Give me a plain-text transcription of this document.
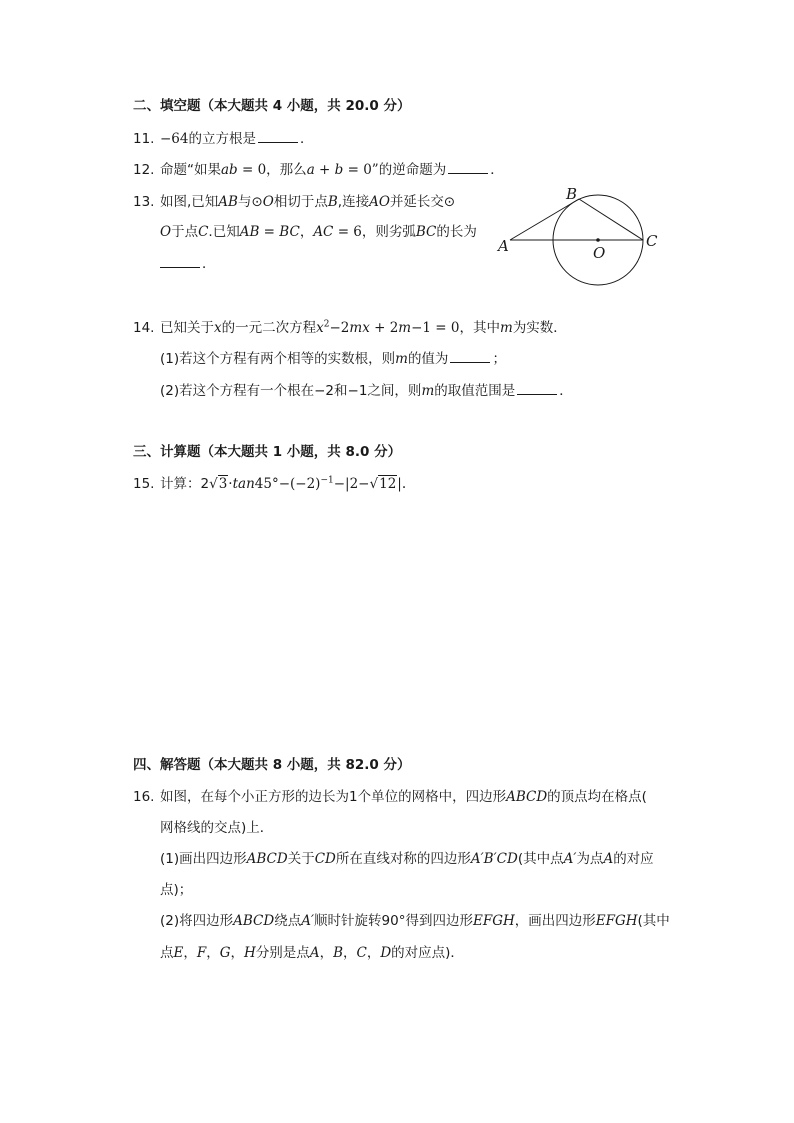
二、填空题（本大题共 4 小题，共 20.0 分）
11. −64的立方根是	．
12. 命题“如果ab = 0，那么a + b = 0”的逆命题为	．
13. 如图,已知AB与⊙O相切于点B,连接AO并延长交⊙
O于点C.已知AB = BC，AC = 6，则劣弧BC的长为
．
A
B
C
O
14. 已知关于x的一元二次方程$x^2-2mx + 2m-1 = 0$，其中m为实数．
(1)若这个方程有两个相等的实数根，则m的值为	；
(2)若这个方程有一个根在−2和−1之间，则m的取值范围是	．
三、计算题（本大题共 1 小题，共 8.0 分）
15. 计算：$2√3\cdot\tan 45^\circ-(-2)^{-1}-|2-√12|$.
四、解答题（本大题共 8 小题，共 82.0 分）
16. 如图，在每个小正方形的边长为1个单位的网格中，四边形ABCD的顶点均在格点(
网格线的交点)上．
(1)画出四边形ABCD关于CD所在直线对称的四边形A′B′CD(其中点A′为点A的对应
点)；
(2)将四边形ABCD绕点A′顺时针旋转90°得到四边形EFGH，画出四边形EFGH(其中
点E，F，G，H分别是点A，B，C，D的对应点)．
